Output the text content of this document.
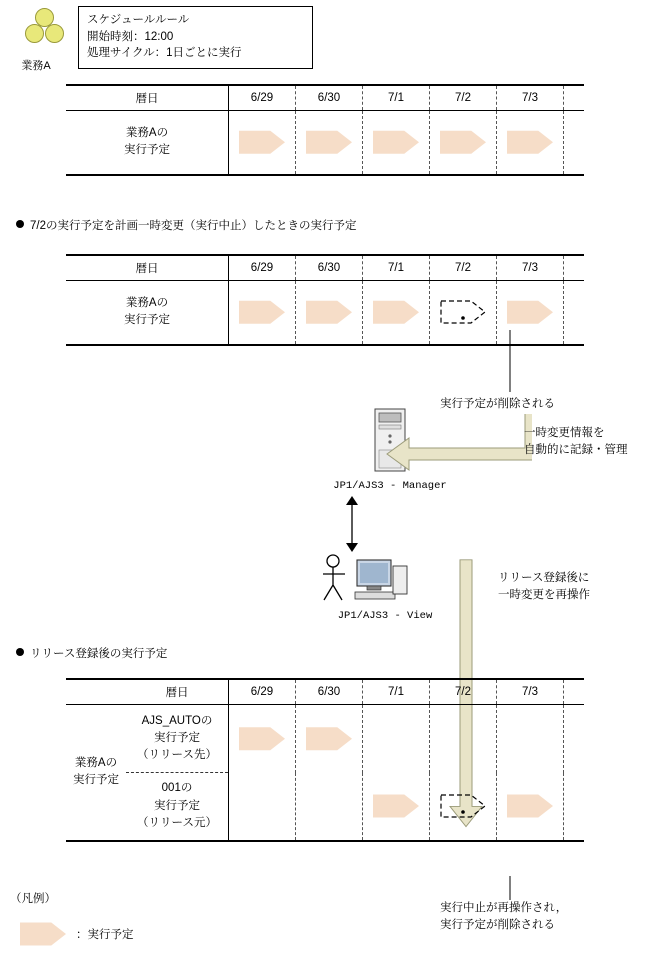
業務A
スケジュールルール
開始時刻：12:00
処理サイクル：1日ごとに実行
暦日	6/29	6/30	7/1	7/2	7/3	

業務Aの
実行予定						

7/2の実行予定を計画一時変更（実行中止）したときの実行予定
暦日	6/29	6/30	7/1	7/2	7/3	

業務Aの
実行予定

実行予定が削除される
JP1/AJS3 - Manager
一時変更情報を
自動的に記録・管理
JP1/AJS3 - View
リリース登録後に
一時変更を再操作
リリース登録後の実行予定
	暦日	6/29	6/30	7/1	7/2	7/3	

業務Aの
実行予定

AJS_AUTOの
実行予定
（リリース先）

	001の
実行予定
（リリース元）

実行中止が再操作され，
実行予定が削除される
（凡例）
：実行予定
